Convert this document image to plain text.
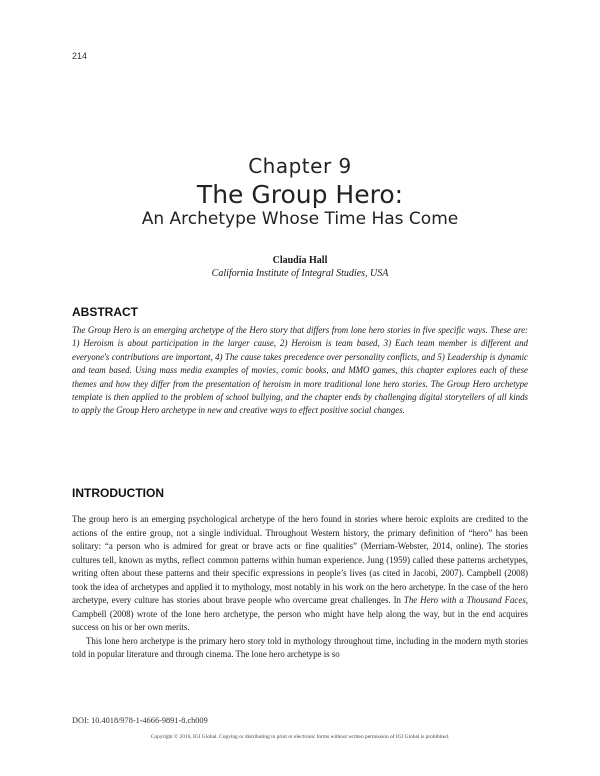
214
Chapter 9
The Group Hero:
An Archetype Whose Time Has Come
Claudia Hall
California Institute of Integral Studies, USA
ABSTRACT
The Group Hero is an emerging archetype of the Hero story that differs from lone hero stories in five specific ways. These are: 1) Heroism is about participation in the larger cause, 2) Heroism is team based, 3) Each team member is different and everyone's contributions are important, 4) The cause takes precedence over personality conflicts, and 5) Leadership is dynamic and team based. Using mass media examples of movies, comic books, and MMO games, this chapter explores each of these themes and how they differ from the presentation of heroism in more traditional lone hero stories. The Group Hero archetype template is then applied to the problem of school bullying, and the chapter ends by challenging digital storytellers of all kinds to apply the Group Hero archetype in new and creative ways to effect positive social changes.
INTRODUCTION

The group hero is an emerging psychological archetype of the hero found in stories where heroic exploits are credited to the actions of the entire group, not a single individual. Throughout Western history, the primary definition of “hero” has been solitary: “a person who is admired for great or brave acts or fine qualities” (Merriam-Webster, 2014, online). The stories cultures tell, known as myths, reflect common patterns within human experience. Jung (1959) called these patterns archetypes, writing often about these patterns and their specific expressions in people’s lives (as cited in Jacobi, 2007). Campbell (2008) took the idea of archetypes and applied it to mythology, most notably in his work on the hero archetype. In the case of the hero archetype, every culture has stories about brave people who overcame great challenges. In The Hero with a Thousand Faces, Campbell (2008) wrote of the lone hero archetype, the person who might have help along the way, but in the end acquires success on his or her own merits.

This lone hero archetype is the primary hero story told in mythology throughout time, including in the modern myth stories told in popular literature and through cinema. The lone hero archetype is so

DOI: 10.4018/978-1-4666-9891-8.ch009
Copyright © 2016, IGI Global. Copying or distributing in print or electronic forms without written permission of IGI Global is prohibited.
